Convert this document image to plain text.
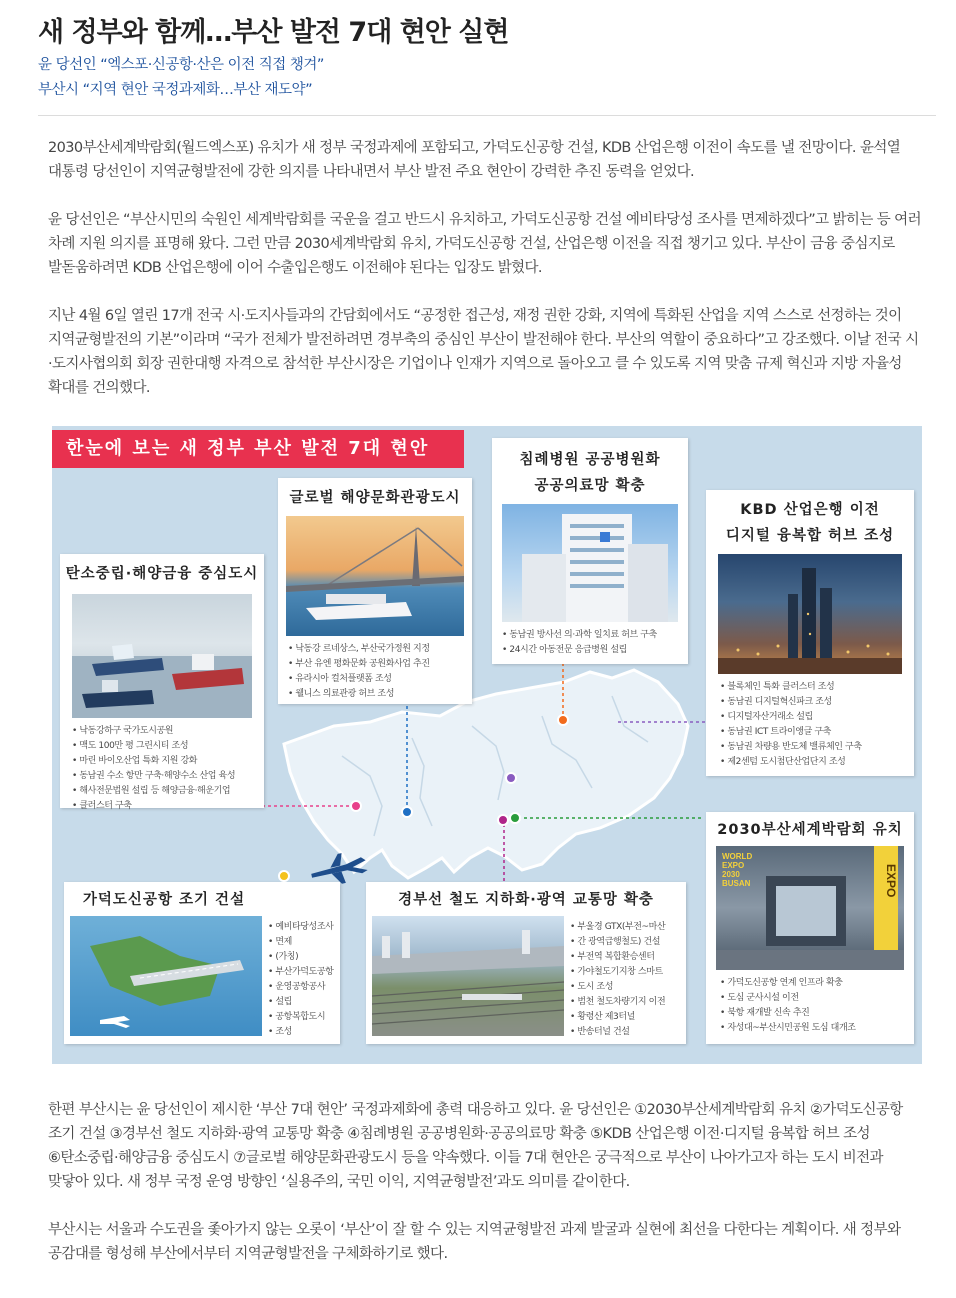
새 정부와 함께…부산 발전 7대 현안 실현
윤 당선인 “엑스포·신공항·산은 이전 직접 챙겨”
부산시 “지역 현안 국정과제화…부산 재도약”

2030부산세계박람회(월드엑스포) 유치가 새 정부 국정과제에 포함되고, 가덕도신공항 건설, KDB 산업은행 이전이 속도를 낼 전망이다. 윤석열 대통령 당선인이 지역균형발전에 강한 의지를 나타내면서 부산 발전 주요 현안이 강력한 추진 동력을 얻었다.

윤 당선인은 “부산시민의 숙원인 세계박람회를 국운을 걸고 반드시 유치하고, 가덕도신공항 건설 예비타당성 조사를 면제하겠다”고 밝히는 등 여러 차례 지원 의지를 표명해 왔다. 그런 만큼 2030세계박람회 유치, 가덕도신공항 건설, 산업은행 이전을 직접 챙기고 있다. 부산이 금융 중심지로 발돋움하려면 KDB 산업은행에 이어 수출입은행도 이전해야 된다는 입장도 밝혔다.

지난 4월 6일 열린 17개 전국 시·도지사들과의 간담회에서도 “공정한 접근성, 재정 권한 강화, 지역에 특화된 산업을 지역 스스로 선정하는 것이 지역균형발전의 기본”이라며 “국가 전체가 발전하려면 경부축의 중심인 부산이 발전해야 한다. 부산의 역할이 중요하다”고 강조했다. 이날 전국 시·도지사협의회 회장 권한대행 자격으로 참석한 부산시장은 기업이나 인재가 지역으로 돌아오고 클 수 있도록 지역 맞춤 규제 혁신과 지방 자율성 확대를 건의했다.

한눈에 보는 새 정부 부산 발전 7대 현안
탄소중립·해양금융 중심도시
• 낙동강하구 국가도시공원
• 맥도 100만 평 그린시티 조성
• 마린 바이오산업 특화 지원 강화
• 동남권 수소 항만 구축·해양수소 산업 육성
• 해사전문법원 설립 등 해양금융·해운기업
• 클러스터 구축
글로벌 해양문화관광도시
• 낙동강 르네상스, 부산국가정원 지정
• 부산 유엔 평화문화 공원화사업 추진
• 유라시아 컬처플랫폼 조성
• 웰니스 의료관광 허브 조성
침례병원 공공병원화
공공의료망 확충
• 동남권 방사선 의·과학 일치료 허브 구축
• 24시간 아동전문 응급병원 설립
KBD 산업은행 이전
디지털 융복합 허브 조성
• 블록체인 특화 클러스터 조성
• 동남권 디지털혁신파크 조성
• 디지털자산거래소 설립
• 동남권 ICT 트라이앵글 구축
• 동남권 차량용 반도체 밸류체인 구축
• 제2센텀 도시첨단산업단지 조성
2030부산세계박람회 유치
WORLD
EXPO
2030
BUSAN	EXPO
• 가덕도신공항 연계 인프라 확충
• 도심 군사시설 이전
• 북항 재개발 신속 추진
• 자성대~부산시민공원 도심 대개조
가덕도신공항 조기 건설
• 예비타당성조사
• 면제
• (가칭)
• 부산가덕도공항
• 운영공항공사
• 설립
• 공항복합도시
• 조성
경부선 철도 지하화·광역 교통망 확충
• 부울경 GTX(부전~마산
• 간 광역급행철도) 건설
• 부전역 복합환승센터
• 가야철도기지창 스마트
• 도시 조성
• 범천 철도차량기지 이전
• 황령산 제3터널
• 반송터널 건설

한편 부산시는 윤 당선인이 제시한 ‘부산 7대 현안’ 국정과제화에 총력 대응하고 있다. 윤 당선인은 ①2030부산세계박람회 유치 ②가덕도신공항 조기 건설 ③경부선 철도 지하화·광역 교통망 확충 ④침례병원 공공병원화·공공의료망 확충 ⑤KDB 산업은행 이전·디지털 융복합 허브 조성 ⑥탄소중립·해양금융 중심도시 ⑦글로벌 해양문화관광도시 등을 약속했다. 이들 7대 현안은 궁극적으로 부산이 나아가고자 하는 도시 비전과 맞닿아 있다. 새 정부 국정 운영 방향인 ‘실용주의, 국민 이익, 지역균형발전’과도 의미를 같이한다.

부산시는 서울과 수도권을 좇아가지 않는 오롯이 ‘부산’이 잘 할 수 있는 지역균형발전 과제 발굴과 실현에 최선을 다한다는 계획이다. 새 정부와 공감대를 형성해 부산에서부터 지역균형발전을 구체화하기로 했다.
